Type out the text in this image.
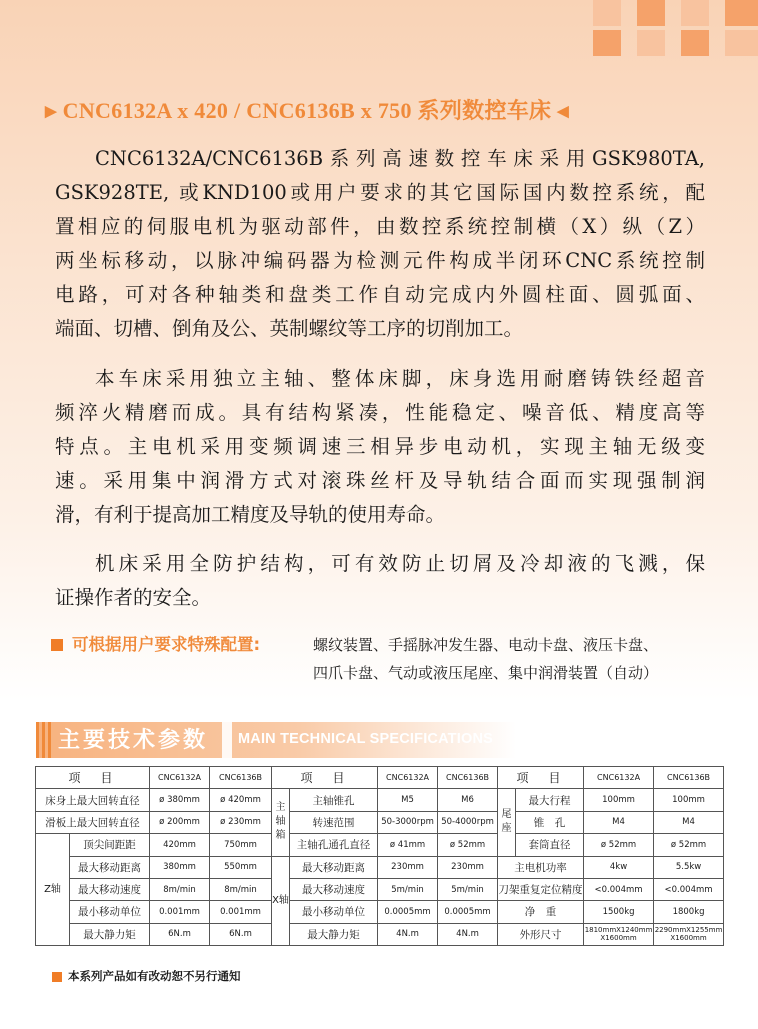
▶ CNC6132A x 420 / CNC6136B x 750 系列数控车床 ◀

CNC6132A/CNC6136B系列高速数控车床采用GSK980TA,
GSK928TE, 或KND100或用户要求的其它国际国内数控系统，配
置相应的伺服电机为驱动部件，由数控系统控制横（X）纵（Z）
两坐标移动，以脉冲编码器为检测元件构成半闭环CNC系统控制
电路，可对各种轴类和盘类工作自动完成内外圆柱面、圆弧面、
端面、切槽、倒角及公、英制螺纹等工序的切削加工。

本车床采用独立主轴、整体床脚，床身选用耐磨铸铁经超音
频淬火精磨而成。具有结构紧凑，性能稳定、噪音低、精度高等
特点。主电机采用变频调速三相异步电动机，实现主轴无级变
速。采用集中润滑方式对滚珠丝杆及导轨结合面而实现强制润
滑，有利于提高加工精度及导轨的使用寿命。

机床采用全防护结构，可有效防止切屑及冷却液的飞溅，保
证操作者的安全。

可根据用户要求特殊配置:	螺纹装置、手摇脉冲发生器、电动卡盘、液压卡盘、
四爪卡盘、气动或液压尾座、集中润滑装置（自动）

主要技术参数 MAIN TECHNICAL SPECIFICATIONS
项　目		CNC6132A	CNC6136B	项　目		CNC6132A	CNC6136B	项　目		CNC6132A	CNC6136B
床身上最大回转直径		ø 380mm	ø 420mm	主轴箱	主轴锥孔	M5	M6	尾座	最大行程	100mm	100mm
滑板上最大回转直径		ø 200mm	ø 230mm		转速范围	50-3000rpm	50-4000rpm		锥　孔	M4	M4
Z轴	顶尖间距距	420mm	750mm		主轴孔通孔直径	ø 41mm	ø 52mm		套筒直径	ø 52mm	ø 52mm
	最大移动距离	380mm	550mm	X轴	最大移动距离	230mm	230mm	主电机功率		4kw	5.5kw
	最大移动速度	8m/min	8m/min		最大移动速度	5m/min	5m/min	刀架重复定位精度		<0.004mm	<0.004mm
	最小移动单位	0.001mm	0.001mm		最小移动单位	0.0005mm	0.0005mm	净　重		1500kg	1800kg
	最大静力矩	6N.m	6N.m		最大静力矩	4N.m	4N.m	外形尺寸		1810mmX1240mm X1600mm	2290mmX1255mm X1600mm
本系列产品如有改动恕不另行通知
